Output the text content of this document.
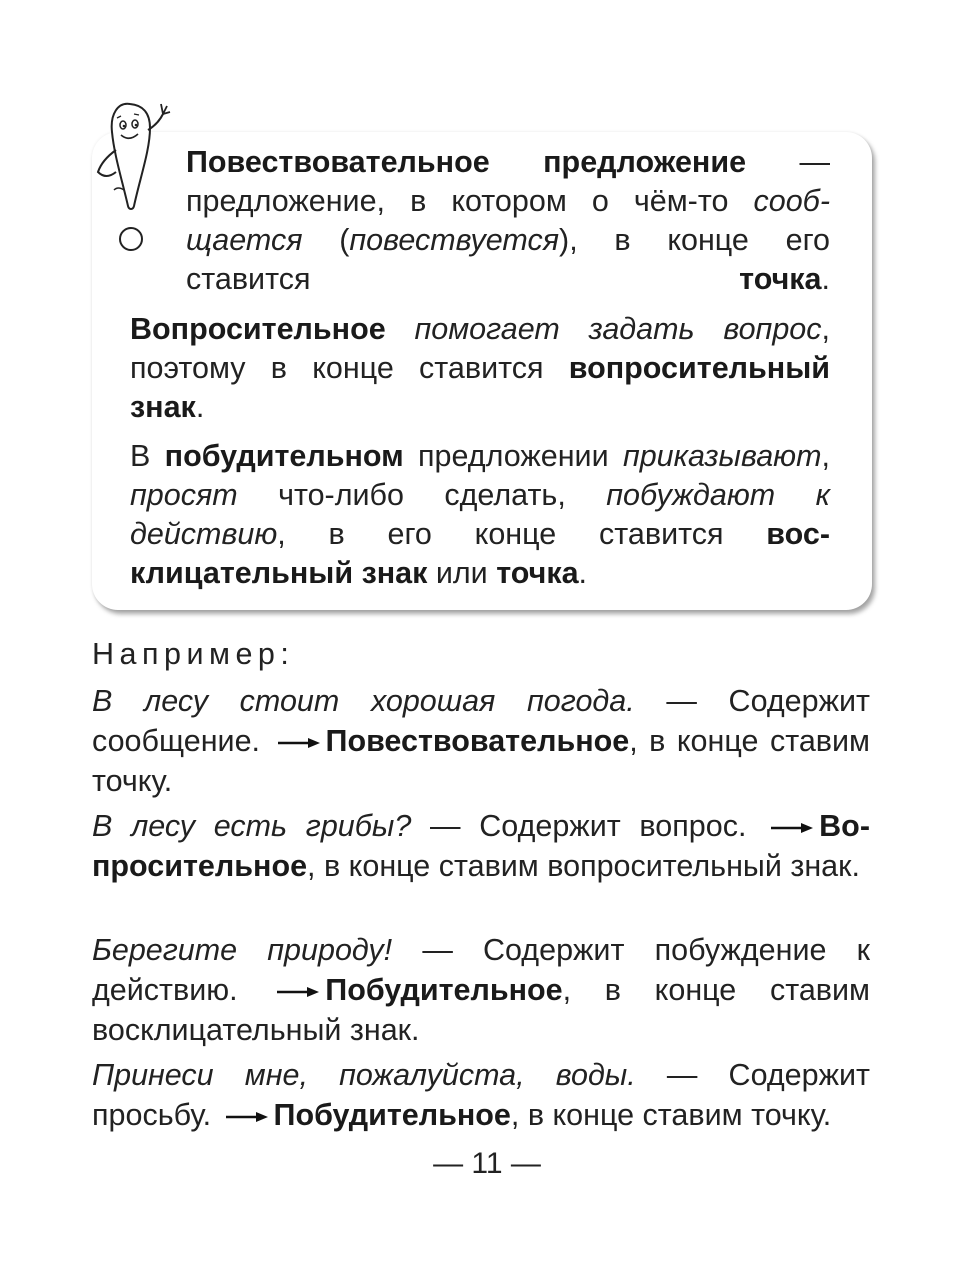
Повествовательное предложение — предложение, в котором о чём-то сообщается (повествуется), в конце его ставится точка.

Вопросительное помогает задать вопрос, поэтому в конце ставится вопросительный знак.

В побудительном предложении приказывают, просят что-либо сделать, побуждают к действию, в его конце ставится восклицательный знак или точка.

Например:

В лесу стоит хорошая погода. — Содержит сообщение. Повествовательное, в конце ставим точку.

В лесу есть грибы? — Содержит вопрос. Вопросительное, в конце ставим вопросительный знак.

Берегите природу! — Содержит побуждение к действию. Побудительное, в конце ставим восклицательный знак.

Принеси мне, пожалуйста, воды. — Содержит просьбу. Побудительное, в конце ставим точку.

— 11 —
